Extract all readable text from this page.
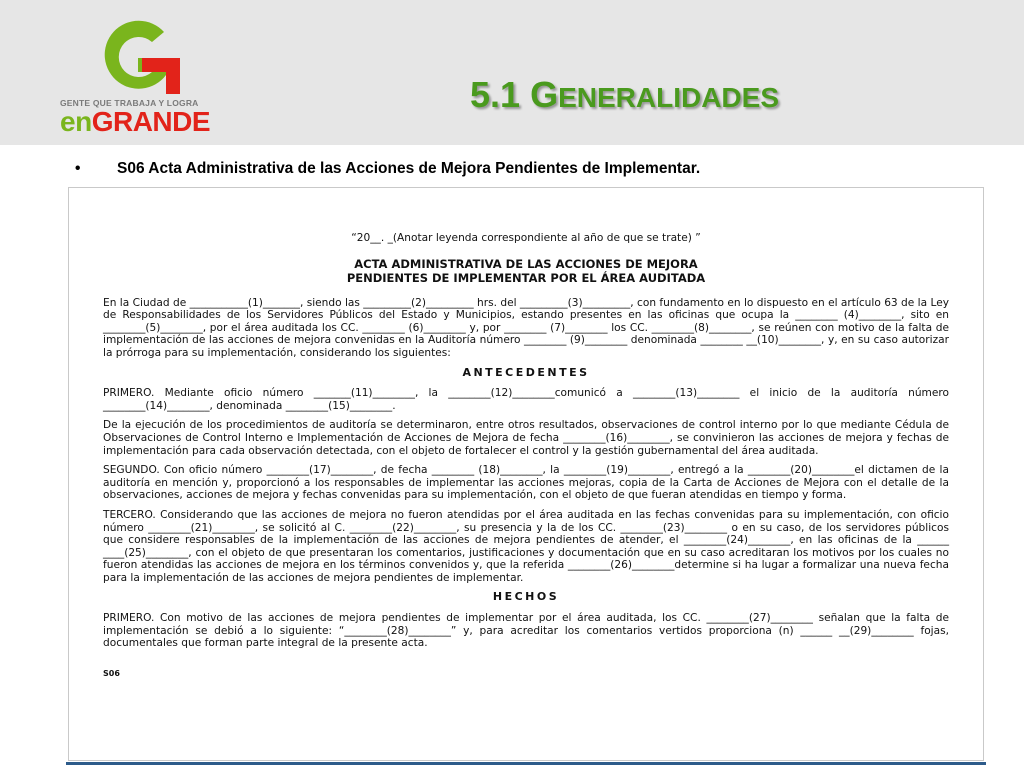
GENTE QUE TRABAJA Y LOGRA
enGRANDE
5.1 GENERALIDADES
• S06 Acta Administrativa de las Acciones de Mejora Pendientes de Implementar.
“20__. _(Anotar leyenda correspondiente al año de que se trate) ”
ACTA ADMINISTRATIVA DE LAS ACCIONES DE MEJORA
PENDIENTES DE IMPLEMENTAR POR EL ÁREA AUDITADA

En la Ciudad de ___________(1)_______, siendo las _________(2)_________ hrs. del _________(3)_________, con fundamento en lo dispuesto en el artículo 63 de la Ley de Responsabilidades de los Servidores Públicos del Estado y Municipios, estando presentes en las oficinas que ocupa la ________ (4)________, sito en ________(5)________, por el área auditada los CC. ________ (6)________ y, por ________ (7)________ los CC. ________(8)________, se reúnen con motivo de la falta de implementación de las acciones de mejora convenidas en la Auditoría número ________ (9)________ denominada ________ __(10)________, y, en su caso autorizar la prórroga para su implementación, considerando los siguientes:

ANTECEDENTES

PRIMERO. Mediante oficio número _______(11)________, la ________(12)________comunicó a ________(13)________ el inicio de la auditoría número ________(14)________, denominada ________(15)________.

De la ejecución de los procedimientos de auditoría se determinaron, entre otros resultados, observaciones de control interno por lo que mediante Cédula de Observaciones de Control Interno e Implementación de Acciones de Mejora de fecha ________(16)________, se convinieron las acciones de mejora y fechas de implementación para cada observación detectada, con el objeto de fortalecer el control y la gestión gubernamental del área auditada.

SEGUNDO. Con oficio número ________(17)________, de fecha ________ (18)________, la ________(19)________, entregó a la ________(20)________el dictamen de la auditoría en mención y, proporcionó a los responsables de implementar las acciones mejoras, copia de la Carta de Acciones de Mejora con el detalle de la observaciones, acciones de mejora y fechas convenidas para su implementación, con el objeto de que fueran atendidas en tiempo y forma.

TERCERO. Considerando que las acciones de mejora no fueron atendidas por el área auditada en las fechas convenidas para su implementación, con oficio número ________(21)________, se solicitó al C. ________(22)________, su presencia y la de los CC. ________(23)________ o en su caso, de los servidores públicos que considere responsables de la implementación de las acciones de mejora pendientes de atender, el ________(24)________, en las oficinas de la ______ ____(25)________, con el objeto de que presentaran los comentarios, justificaciones y documentación que en su caso acreditaran los motivos por los cuales no fueron atendidas las acciones de mejora en los términos convenidos y, que la referida ________(26)________determine si ha lugar a formalizar una nueva fecha para la implementación de las acciones de mejora pendientes de implementar.

HECHOS

PRIMERO. Con motivo de las acciones de mejora pendientes de implementar por el área auditada, los CC. ________(27)________ señalan que la falta de implementación se debió a lo siguiente: “________(28)________” y, para acreditar los comentarios vertidos proporciona (n) ______ __(29)________ fojas, documentales que forman parte integral de la presente acta.

S06
